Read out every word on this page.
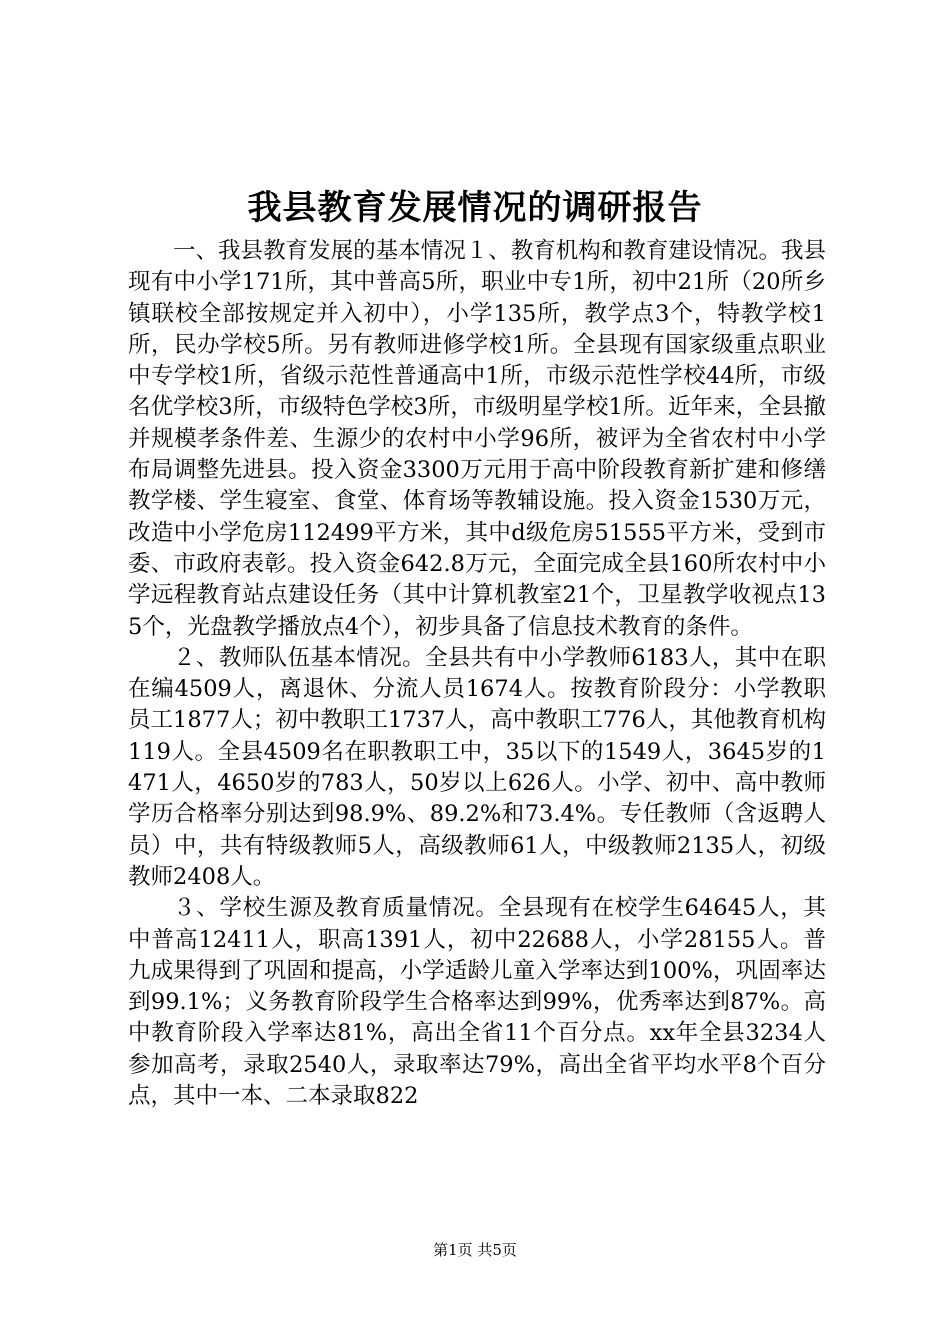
我县教育发展情况的调研报告

一、我县教育发展的基本情况１、教育机构和教育建设情况。我县现有中小学171所，其中普高5所，职业中专1所，初中21所（20所乡镇联校全部按规定并入初中），小学135所，教学点3个，特教学校1所，民办学校5所。另有教师进修学校1所。全县现有国家级重点职业中专学校1所，省级示范性普通高中1所，市级示范性学校44所，市级名优学校3所，市级特色学校3所，市级明星学校1所。近年来，全县撤并规模孝条件差、生源少的农村中小学96所，被评为全省农村中小学布局调整先进县。投入资金3300万元用于高中阶段教育新扩建和修缮教学楼、学生寝室、食堂、体育场等教辅设施。投入资金1530万元，改造中小学危房112499平方米，其中d级危房51555平方米，受到市委、市政府表彰。投入资金642.8万元，全面完成全县160所农村中小学远程教育站点建设任务（其中计算机教室21个，卫星教学收视点135个，光盘教学播放点4个），初步具备了信息技术教育的条件。

２、教师队伍基本情况。全县共有中小学教师6183人，其中在职在编4509人，离退休、分流人员1674人。按教育阶段分：小学教职员工1877人；初中教职工1737人，高中教职工776人，其他教育机构119人。全县4509名在职教职工中，35以下的1549人，3645岁的1471人，4650岁的783人，50岁以上626人。小学、初中、高中教师学历合格率分别达到98.9%、89.2%和73.4%。专任教师（含返聘人员）中，共有特级教师5人，高级教师61人，中级教师2135人，初级教师2408人。

３、学校生源及教育质量情况。全县现有在校学生64645人，其中普高12411人，职高1391人，初中22688人，小学28155人。普九成果得到了巩固和提高，小学适龄儿童入学率达到100%，巩固率达到99.1%；义务教育阶段学生合格率达到99%，优秀率达到87%。高中教育阶段入学率达81%，高出全省11个百分点。xx年全县3234人参加高考，录取2540人，录取率达79%，高出全省平均水平8个百分点，其中一本、二本录取822

第1页 共5页
